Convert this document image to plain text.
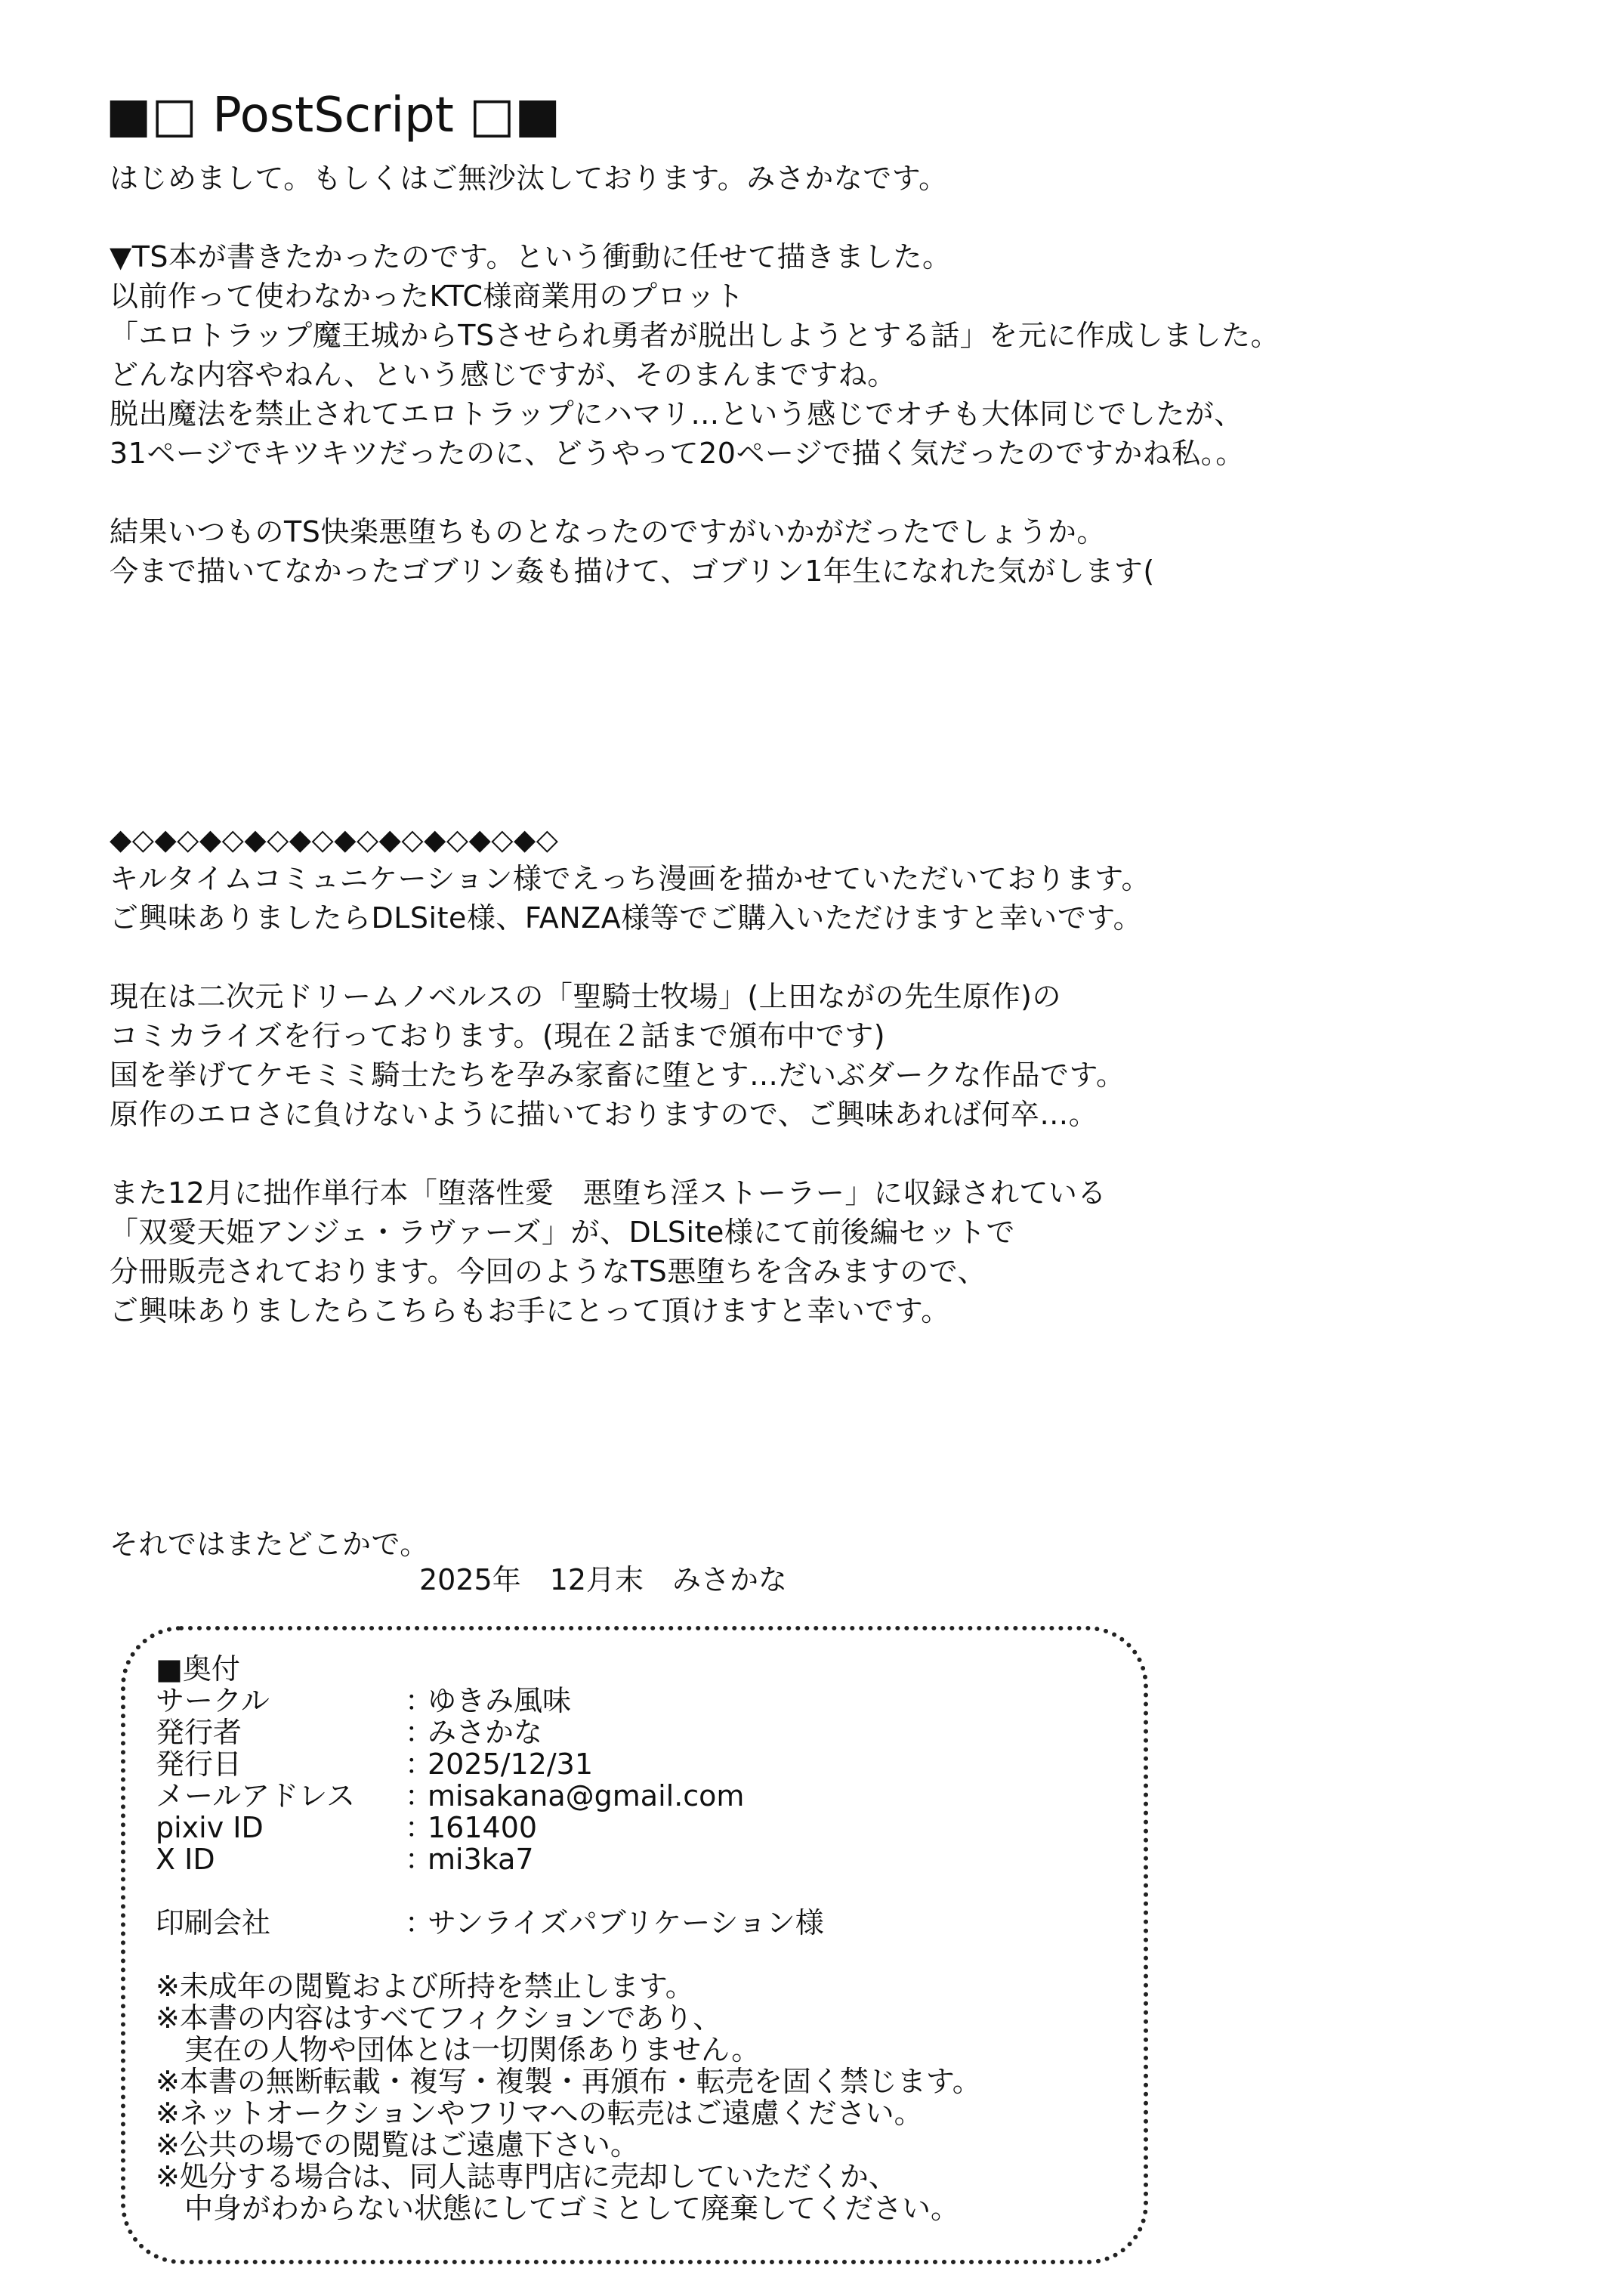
■□ PostScript □■
はじめまして。もしくはご無沙汰しております。みさかなです。
▼TS本が書きたかったのです。という衝動に任せて描きました。
以前作って使わなかったKTC様商業用のプロット
「エロトラップ魔王城からTSさせられ勇者が脱出しようとする話」を元に作成しました。
どんな内容やねん、という感じですが、そのまんまですね。
脱出魔法を禁止されてエロトラップにハマリ…という感じでオチも大体同じでしたが、
31ページでキツキツだったのに、どうやって20ページで描く気だったのですかね私。。
結果いつものTS快楽悪堕ちものとなったのですがいかがだったでしょうか。
今まで描いてなかったゴブリン姦も描けて、ゴブリン1年生になれた気がします(
◆◇◆◇◆◇◆◇◆◇◆◇◆◇◆◇◆◇◆◇
キルタイムコミュニケーション様でえっち漫画を描かせていただいております。
ご興味ありましたらDLSite様、FANZA様等でご購入いただけますと幸いです。
現在は二次元ドリームノベルスの「聖騎士牧場」(上田ながの先生原作)の
コミカライズを行っております。(現在２話まで頒布中です)
国を挙げてケモミミ騎士たちを孕み家畜に堕とす…だいぶダークな作品です。
原作のエロさに負けないように描いておりますので、ご興味あれば何卒…。
また12月に拙作単行本「堕落性愛　悪堕ち淫ストーラー」に収録されている
「双愛天姫アンジェ・ラヴァーズ」が、DLSite様にて前後編セットで
分冊販売されております。今回のようなTS悪堕ちを含みますので、
ご興味ありましたらこちらもお手にとって頂けますと幸いです。
それではまたどこかで。
2025年　12月末　みさかな
■奥付
サークル	：
ゆきみ風味
発行者	：
みさかな
発行日	：
2025/12/31
メールアドレス	：
misakana@gmail.com
pixiv ID	：
161400
X ID	：
mi3ka7
印刷会社	：
サンライズパブリケーション様
※未成年の閲覧および所持を禁止します。
※本書の内容はすべてフィクションであり、
　実在の人物や団体とは一切関係ありません。
※本書の無断転載・複写・複製・再頒布・転売を固く禁じます。
※ネットオークションやフリマへの転売はご遠慮ください。
※公共の場での閲覧はご遠慮下さい。
※処分する場合は、同人誌専門店に売却していただくか、
　中身がわからない状態にしてゴミとして廃棄してください。
